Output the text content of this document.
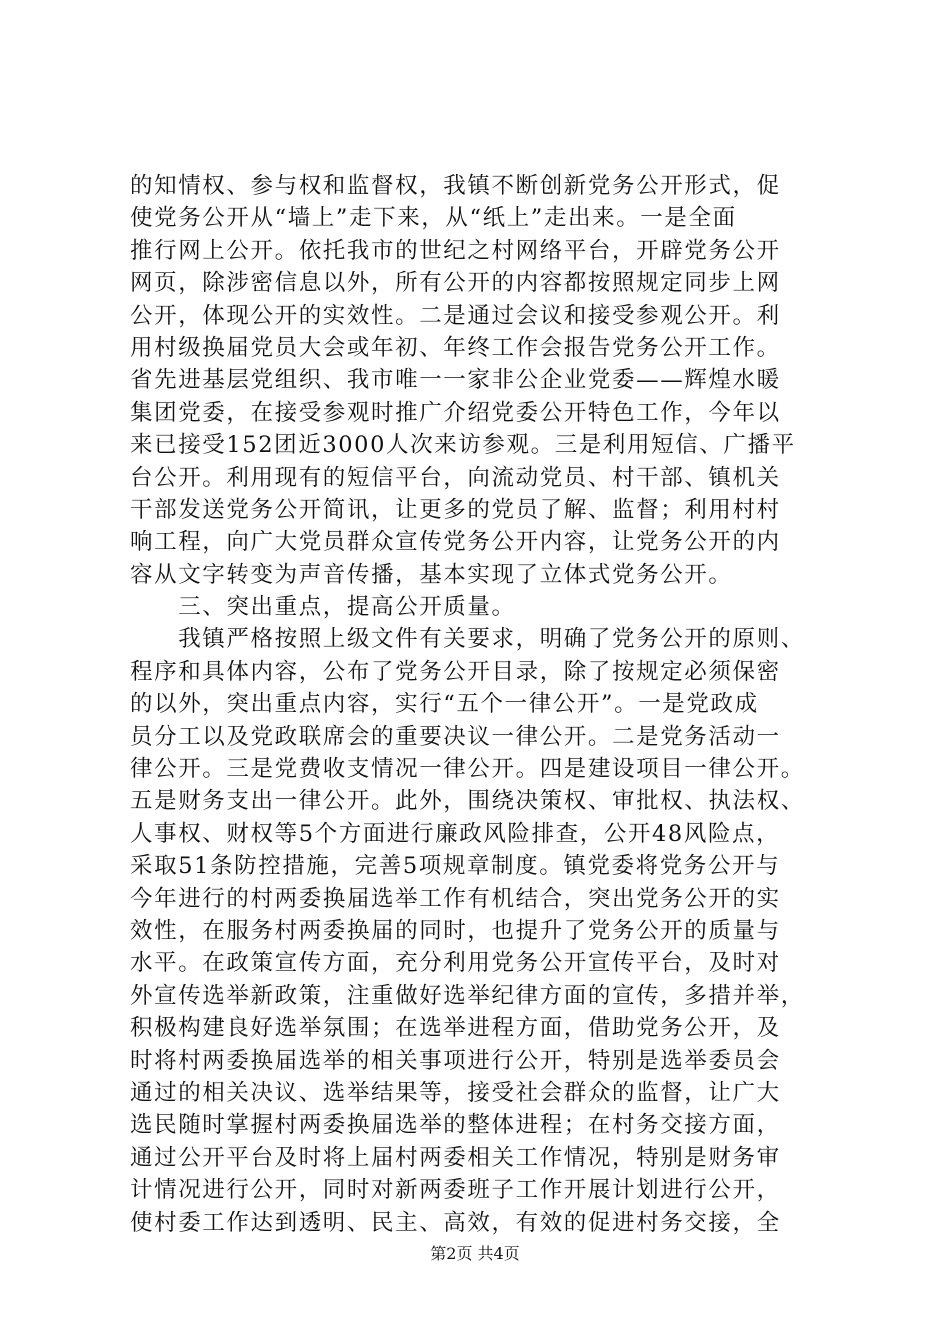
的知情权、参与权和监督权，我镇不断创新党务公开形式，促
使党务公开从“墙上”走下来，从“纸上”走出来。一是全面
推行网上公开。依托我市的世纪之村网络平台，开辟党务公开
网页，除涉密信息以外，所有公开的内容都按照规定同步上网
公开，体现公开的实效性。二是通过会议和接受参观公开。利
用村级换届党员大会或年初、年终工作会报告党务公开工作。
省先进基层党组织、我市唯一一家非公企业党委——辉煌水暖
集团党委，在接受参观时推广介绍党委公开特色工作，今年以
来已接受152团近3000人次来访参观。三是利用短信、广播平
台公开。利用现有的短信平台，向流动党员、村干部、镇机关
干部发送党务公开简讯，让更多的党员了解、监督；利用村村
响工程，向广大党员群众宣传党务公开内容，让党务公开的内
容从文字转变为声音传播，基本实现了立体式党务公开。
　　三、突出重点，提高公开质量。
　　我镇严格按照上级文件有关要求，明确了党务公开的原则、
程序和具体内容，公布了党务公开目录，除了按规定必须保密
的以外，突出重点内容，实行“五个一律公开”。一是党政成
员分工以及党政联席会的重要决议一律公开。二是党务活动一
律公开。三是党费收支情况一律公开。四是建设项目一律公开。
五是财务支出一律公开。此外，围绕决策权、审批权、执法权、
人事权、财权等5个方面进行廉政风险排查，公开48风险点，
采取51条防控措施，完善5项规章制度。镇党委将党务公开与
今年进行的村两委换届选举工作有机结合，突出党务公开的实
效性，在服务村两委换届的同时，也提升了党务公开的质量与
水平。在政策宣传方面，充分利用党务公开宣传平台，及时对
外宣传选举新政策，注重做好选举纪律方面的宣传，多措并举，
积极构建良好选举氛围；在选举进程方面，借助党务公开，及
时将村两委换届选举的相关事项进行公开，特别是选举委员会
通过的相关决议、选举结果等，接受社会群众的监督，让广大
选民随时掌握村两委换届选举的整体进程；在村务交接方面，
通过公开平台及时将上届村两委相关工作情况，特别是财务审
计情况进行公开，同时对新两委班子工作开展计划进行公开，
使村委工作达到透明、民主、高效，有效的促进村务交接，全
第2页 共4页
